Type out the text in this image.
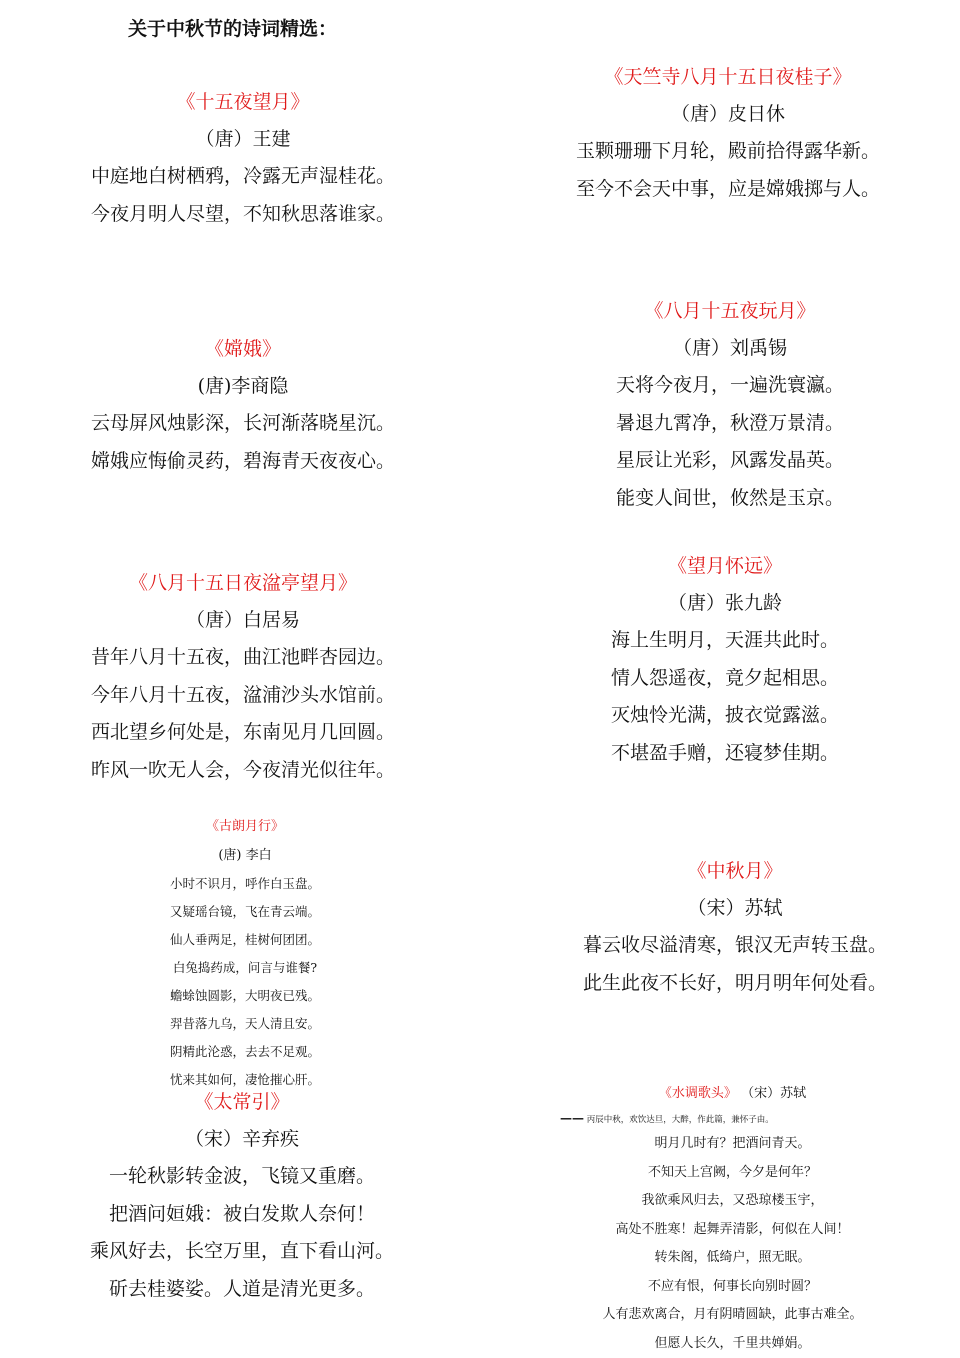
关于中秋节的诗词精选：
《十五夜望月》
（唐）王建
中庭地白树栖鸦，冷露无声湿桂花。
今夜月明人尽望，不知秋思落谁家。
《天竺寺八月十五日夜桂子》
（唐）皮日休
玉颗珊珊下月轮，殿前拾得露华新。
至今不会天中事，应是嫦娥掷与人。
《嫦娥》
(唐)李商隐
云母屏风烛影深，长河渐落晓星沉。
嫦娥应悔偷灵药，碧海青天夜夜心。
《八月十五夜玩月》
（唐）刘禹锡
天将今夜月，一遍洗寰瀛。
暑退九霄净，秋澄万景清。
星辰让光彩，风露发晶英。
能变人间世，攸然是玉京。
《八月十五日夜湓亭望月》
（唐）白居易
昔年八月十五夜，曲江池畔杏园边。
今年八月十五夜，湓浦沙头水馆前。
西北望乡何处是，东南见月几回圆。
昨风一吹无人会，今夜清光似往年。
《望月怀远》
（唐）张九龄
海上生明月，天涯共此时。
情人怨遥夜，竟夕起相思。
灭烛怜光满，披衣觉露滋。
不堪盈手赠，还寝梦佳期。
《古朗月行》
(唐) 李白
小时不识月，呼作白玉盘。
又疑瑶台镜，飞在青云端。
仙人垂两足，桂树何团团。
白兔捣药成，问言与谁餐?
蟾蜍蚀圆影，大明夜已残。
羿昔落九乌，天人清且安。
阴精此沦惑，去去不足观。
忧来其如何，凄怆摧心肝。
《中秋月》
（宋）苏轼
暮云收尽溢清寒，银汉无声转玉盘。
此生此夜不长好，明月明年何处看。
《太常引》
（宋）辛弃疾
一轮秋影转金波，飞镜又重磨。
把酒问姮娥：被白发欺人奈何！
乘风好去，长空万里，直下看山河。
斫去桂婆娑。人道是清光更多。
《水调歌头》 （宋）苏轼
—— 丙辰中秋，欢饮达旦，大醉，作此篇，兼怀子由。
明月几时有？把酒问青天。
不知天上宫阙，今夕是何年？
我欲乘风归去，又恐琼楼玉宇，
高处不胜寒！起舞弄清影，何似在人间！
转朱阁，低绮户，照无眠。
不应有恨，何事长向别时圆？
人有悲欢离合，月有阴晴圆缺，此事古难全。
但愿人长久，千里共婵娟。
